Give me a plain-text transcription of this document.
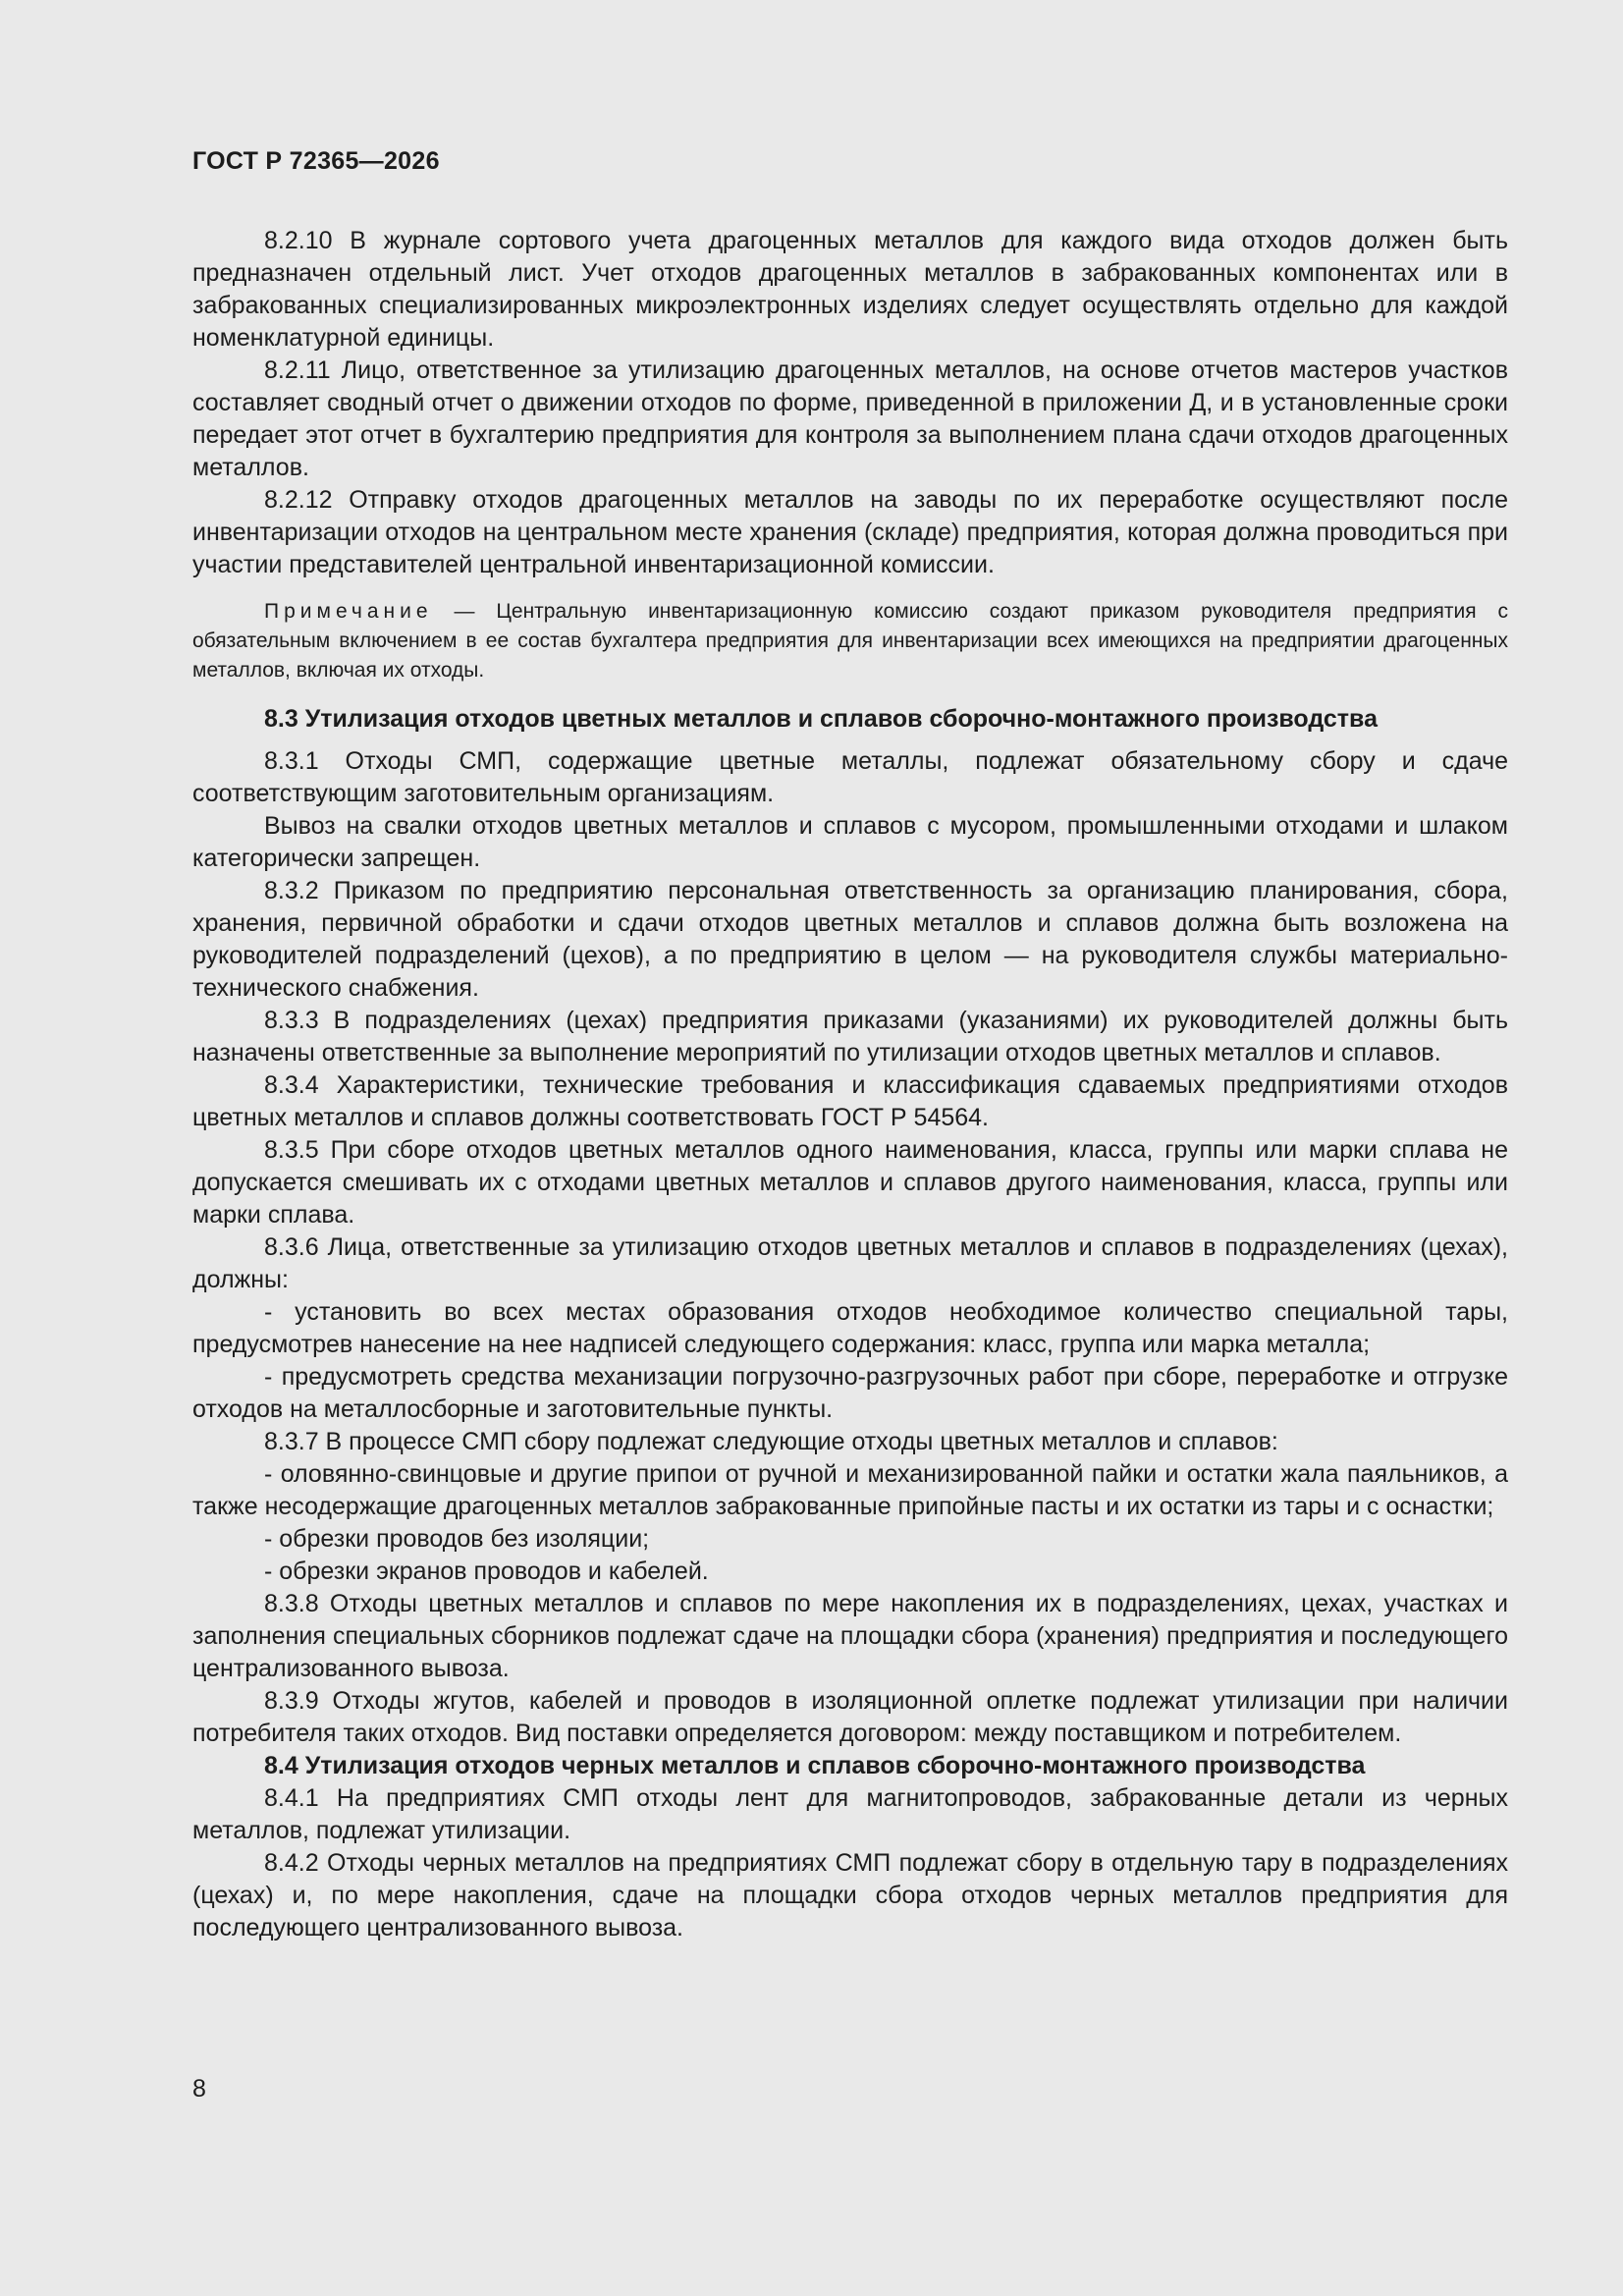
ГОСТ Р 72365—2026

8.2.10 В журнале сортового учета драгоценных металлов для каждого вида отходов должен быть предназначен отдельный лист. Учет отходов драгоценных металлов в забракованных компонентах или в забракованных специализированных микроэлектронных изделиях следует осуществлять отдельно для каждой номенклатурной единицы.

8.2.11 Лицо, ответственное за утилизацию драгоценных металлов, на основе отчетов мастеров участков составляет сводный отчет о движении отходов по форме, приведенной в приложении Д, и в установленные сроки передает этот отчет в бухгалтерию предприятия для контроля за выполнением плана сдачи отходов драгоценных металлов.

8.2.12 Отправку отходов драгоценных металлов на заводы по их переработке осуществляют после инвентаризации отходов на центральном месте хранения (складе) предприятия, которая должна проводиться при участии представителей центральной инвентаризационной комиссии.

Примечание — Центральную инвентаризационную комиссию создают приказом руководителя предприятия с обязательным включением в ее состав бухгалтера предприятия для инвентаризации всех имеющихся на предприятии драгоценных металлов, включая их отходы.

8.3 Утилизация отходов цветных металлов и сплавов сборочно-монтажного производства

8.3.1 Отходы СМП, содержащие цветные металлы, подлежат обязательному сбору и сдаче соответствующим заготовительным организациям.

Вывоз на свалки отходов цветных металлов и сплавов с мусором, промышленными отходами и шлаком категорически запрещен.

8.3.2 Приказом по предприятию персональная ответственность за организацию планирования, сбора, хранения, первичной обработки и сдачи отходов цветных металлов и сплавов должна быть возложена на руководителей подразделений (цехов), а по предприятию в целом — на руководителя службы материально-технического снабжения.

8.3.3 В подразделениях (цехах) предприятия приказами (указаниями) их руководителей должны быть назначены ответственные за выполнение мероприятий по утилизации отходов цветных металлов и сплавов.

8.3.4 Характеристики, технические требования и классификация сдаваемых предприятиями отходов цветных металлов и сплавов должны соответствовать ГОСТ Р 54564.

8.3.5 При сборе отходов цветных металлов одного наименования, класса, группы или марки сплава не допускается смешивать их с отходами цветных металлов и сплавов другого наименования, класса, группы или марки сплава.

8.3.6 Лица, ответственные за утилизацию отходов цветных металлов и сплавов в подразделениях (цехах), должны:

- установить во всех местах образования отходов необходимое количество специальной тары, предусмотрев нанесение на нее надписей следующего содержания: класс, группа или марка металла;

- предусмотреть средства механизации погрузочно-разгрузочных работ при сборе, переработке и отгрузке отходов на металлосборные и заготовительные пункты.

8.3.7 В процессе СМП сбору подлежат следующие отходы цветных металлов и сплавов:

- оловянно-свинцовые и другие припои от ручной и механизированной пайки и остатки жала паяльников, а также несодержащие драгоценных металлов забракованные припойные пасты и их остатки из тары и с оснастки;

- обрезки проводов без изоляции;

- обрезки экранов проводов и кабелей.

8.3.8 Отходы цветных металлов и сплавов по мере накопления их в подразделениях, цехах, участках и заполнения специальных сборников подлежат сдаче на площадки сбора (хранения) предприятия и последующего централизованного вывоза.

8.3.9 Отходы жгутов, кабелей и проводов в изоляционной оплетке подлежат утилизации при наличии потребителя таких отходов. Вид поставки определяется договором: между поставщиком и потребителем.

8.4 Утилизация отходов черных металлов и сплавов сборочно-монтажного производства

8.4.1 На предприятиях СМП отходы лент для магнитопроводов, забракованные детали из черных металлов, подлежат утилизации.

8.4.2 Отходы черных металлов на предприятиях СМП подлежат сбору в отдельную тару в подразделениях (цехах) и, по мере накопления, сдаче на площадки сбора отходов черных металлов предприятия для последующего централизованного вывоза.

8
